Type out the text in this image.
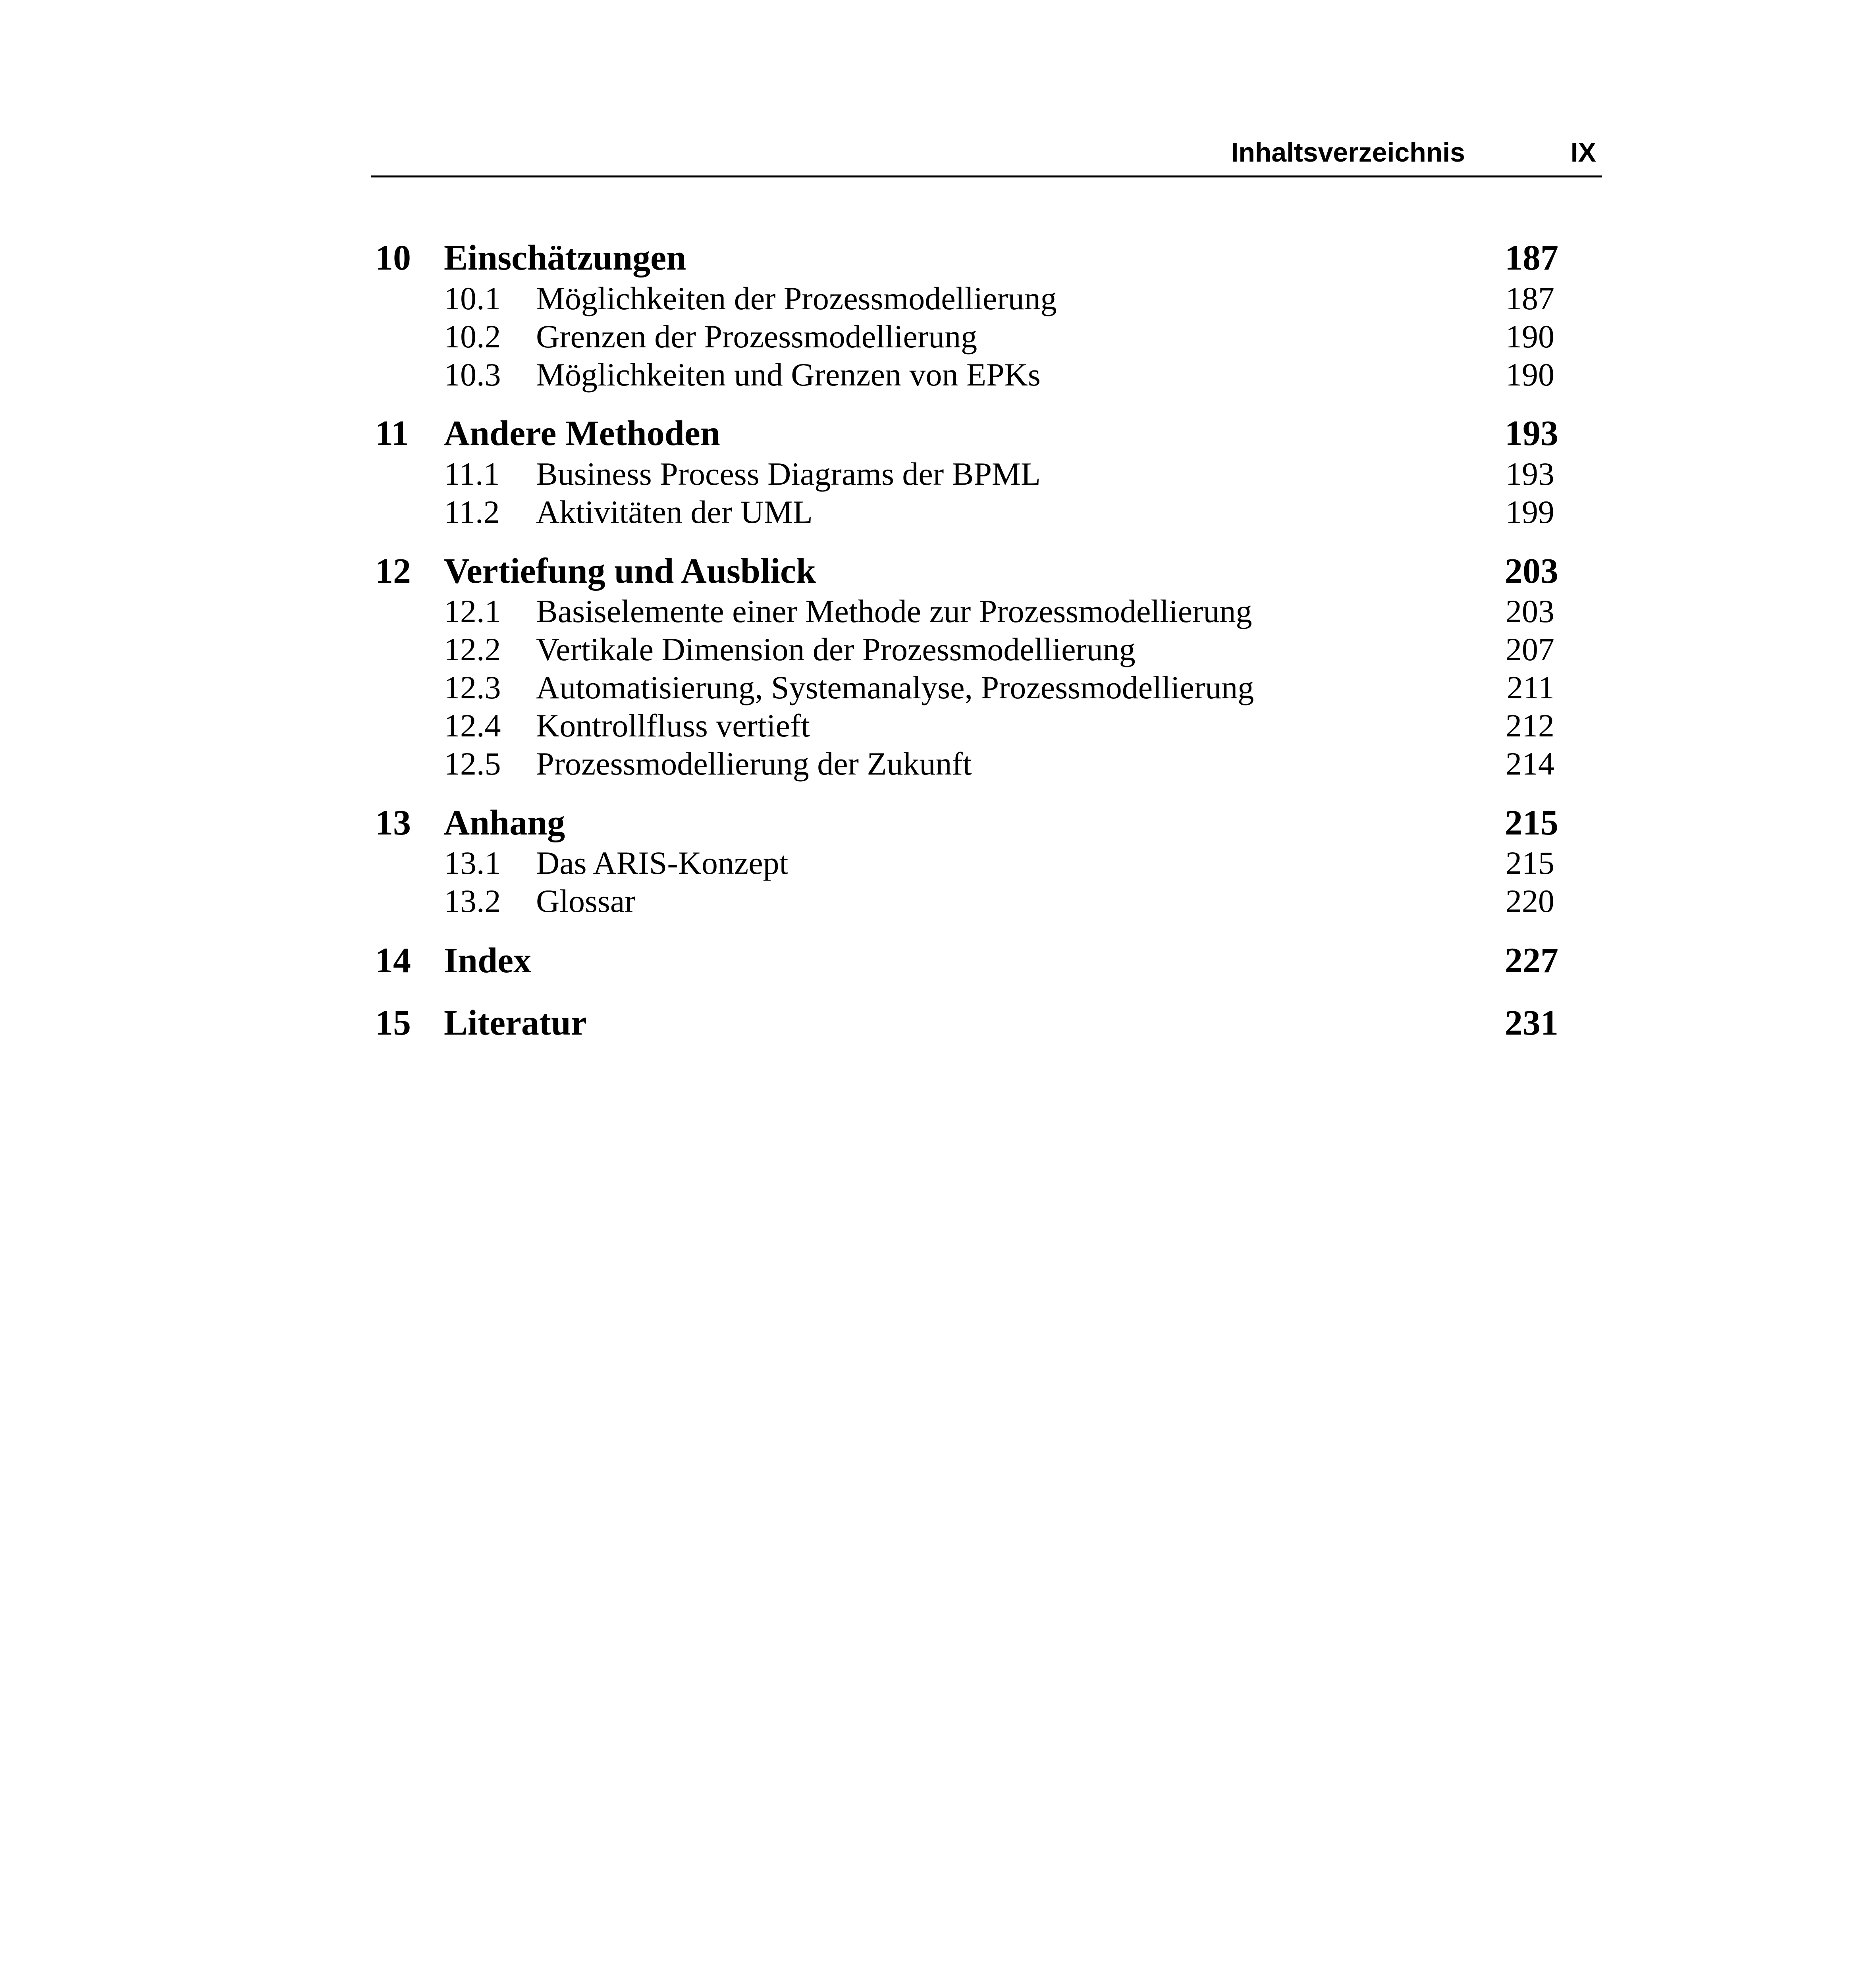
Inhaltsverzeichnis	IX
10 Einschätzungen	187
10.1 Möglichkeiten der Prozessmodellierung	187
10.2 Grenzen der Prozessmodellierung	190
10.3 Möglichkeiten und Grenzen von EPKs	190
11 Andere Methoden	193
11.1 Business Process Diagrams der BPML	193
11.2 Aktivitäten der UML	199
12 Vertiefung und Ausblick	203
12.1 Basiselemente einer Methode zur Prozessmodellierung	203
12.2 Vertikale Dimension der Prozessmodellierung	207
12.3 Automatisierung, Systemanalyse, Prozessmodellierung	211
12.4 Kontrollfluss vertieft	212
12.5 Prozessmodellierung der Zukunft	214
13 Anhang	215
13.1 Das ARIS-Konzept	215
13.2 Glossar	220
14 Index	227
15 Literatur	231
